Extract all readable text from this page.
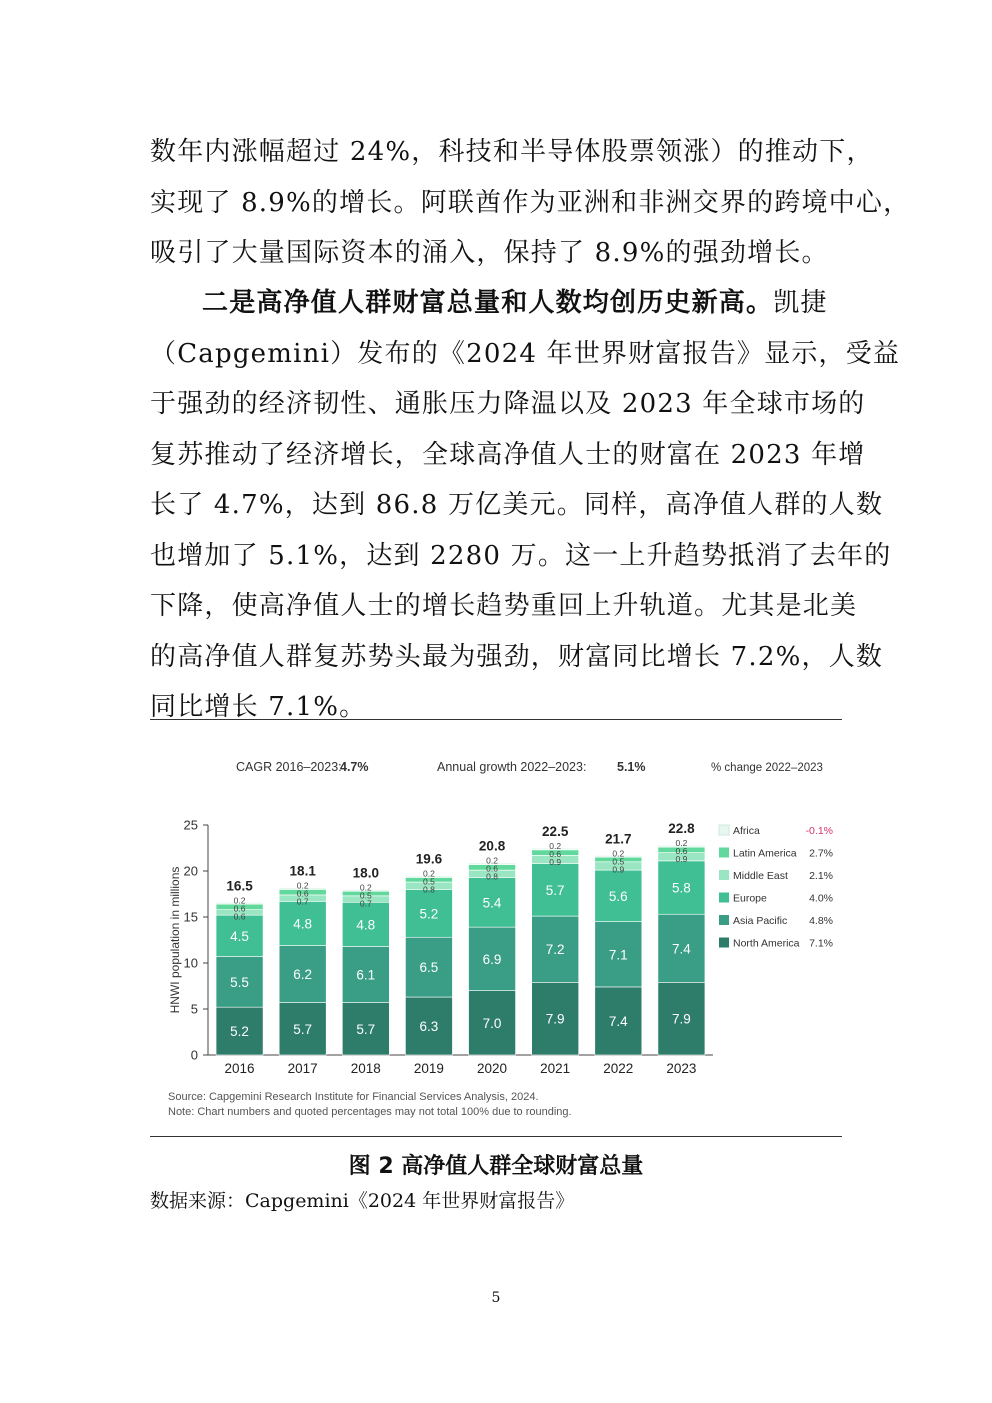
数年内涨幅超过 24%，科技和半导体股票领涨）的推动下，
实现了 8.9%的增长。阿联酋作为亚洲和非洲交界的跨境中心，
吸引了大量国际资本的涌入，保持了 8.9%的强劲增长。
二是高净值人群财富总量和人数均创历史新高。凯捷
（Capgemini）发布的《2024 年世界财富报告》显示，受益
于强劲的经济韧性、通胀压力降温以及 2023 年全球市场的
复苏推动了经济增长，全球高净值人士的财富在 2023 年增
长了 4.7%，达到 86.8 万亿美元。同样，高净值人群的人数
也增加了 5.1%，达到 2280 万。这一上升趋势抵消了去年的
下降，使高净值人士的增长趋势重回上升轨道。尤其是北美
的高净值人群复苏势头最为强劲，财富同比增长 7.2%，人数
同比增长 7.1%。
CAGR 2016–2023:
4.7%	Annual growth 2022–2023: 5.1%	% change 2022–2023
0
5
10
15
20
25
HNWI population in millions
5.2
5.5
4.5
0.2
0.6
0.6
16.5
2016
5.7
6.2
4.8
0.2
0.6
0.7
18.1
2017
5.7
6.1
4.8
0.2
0.5
0.7
18.0
2018
6.3
6.5
5.2
0.2
0.5
0.8
19.6
2019
7.0
6.9
5.4
0.2
0.6
0.8
20.8
2020
7.9
7.2
5.7
0.2
0.6
0.9
22.5
2021
7.4
7.1
5.6
0.2
0.5
0.9
21.7
2022
7.9
7.4
5.8
0.2
0.6
0.9
22.8
2023
Africa	-0.1%
Latin America 2.7%
Middle East 2.1%
Europe	4.0%
Asia Pacific 4.8%
North America 7.1%
Source: Capgemini Research Institute for Financial Services Analysis, 2024.
Note: Chart numbers and quoted percentages may not total 100% due to rounding.
图 2 高净值人群全球财富总量
数据来源：Capgemini《2024 年世界财富报告》
5
